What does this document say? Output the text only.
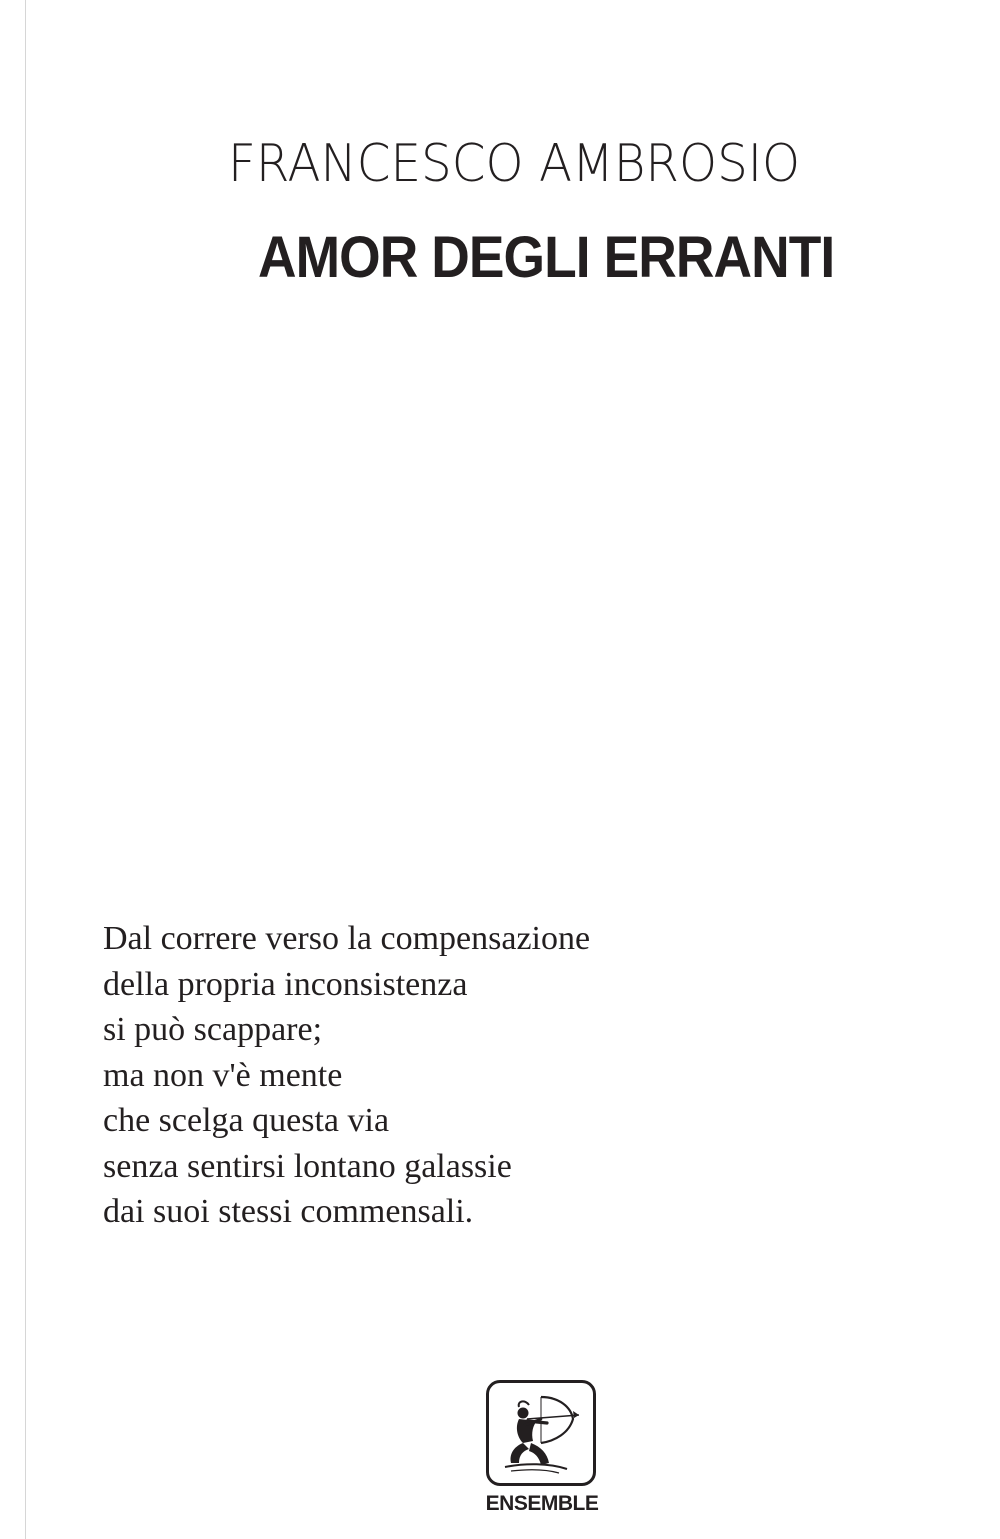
FRANCESCO AMBROSIO
AMOR DEGLI ERRANTI
Dal correre verso la compensazione
della propria inconsistenza
si può scappare;
ma non v'è mente
che scelga questa via
senza sentirsi lontano galassie
dai suoi stessi commensali.
ENSEMBLE
